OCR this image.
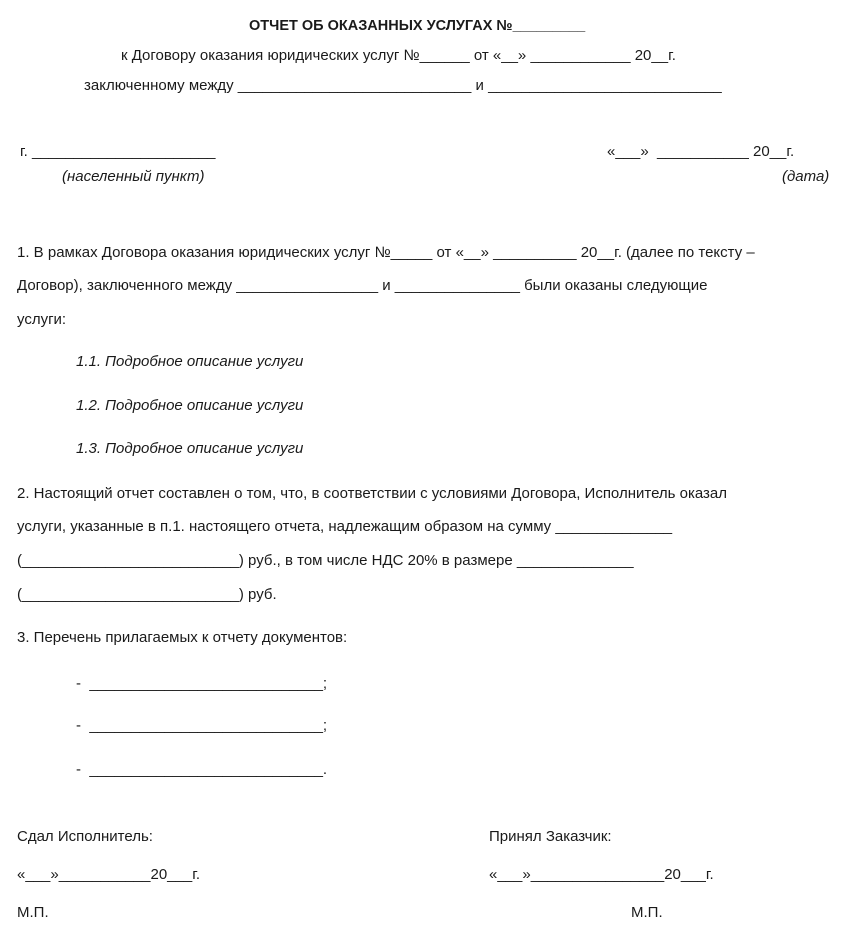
ОТЧЕТ ОБ ОКАЗАННЫХ УСЛУГАХ №_________
к Договору оказания юридических услуг №______ от «__» ____________ 20__г.
заключенному между ____________________________ и ____________________________
г. ______________________
(населенный пункт)
«___»  ___________ 20__г.
(дата)
1. В рамках Договора оказания юридических услуг №_____ от «__» __________ 20__г. (далее по тексту –
Договор), заключенного между _________________ и _______________ были оказаны следующие
услуги:
1.1. Подробное описание услуги
1.2. Подробное описание услуги
1.3. Подробное описание услуги
2. Настоящий отчет составлен о том, что, в соответствии с условиями Договора, Исполнитель оказал
услуги, указанные в п.1. настоящего отчета, надлежащим образом на сумму ______________
(__________________________) руб., в том числе НДС 20% в размере ______________
(__________________________) руб.
3. Перечень прилагаемых к отчету документов:
-  ____________________________;
-  ____________________________;
-  ____________________________.
Сдал Исполнитель:
«___»___________20___г.
М.П.
Принял Заказчик:
«___»________________20___г.
М.П.
